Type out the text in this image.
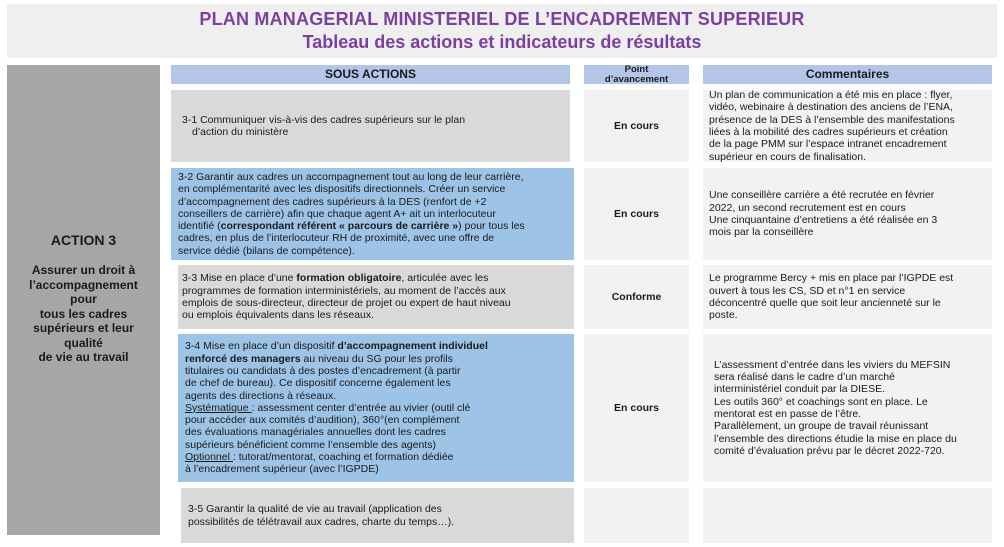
PLAN MANAGERIAL MINISTERIEL DE L’ENCADREMENT SUPERIEUR
Tableau des actions et indicateurs de résultats
ACTION 3
Assurer un droit à
l’accompagnement
pour
tous les cadres
supérieurs et leur
qualité
de vie au travail
SOUS ACTIONS	Point
d’avancement	Commentaires
3-1 Communiquer vis-à-vis des cadres supérieurs sur le plan
d’action du ministère
En cours
Un plan de communication a été mis en place : flyer,
vidéo, webinaire à destination des anciens de l’ENA,
présence de la DES à l’ensemble des manifestations
liées à la mobilité des cadres supérieurs et création
de la page PMM sur l’espace intranet encadrement
supérieur en cours de finalisation.
3-2 Garantir aux cadres un accompagnement tout au long de leur carrière,
en complémentarité avec les dispositifs directionnels. Créer un service
d’accompagnement des cadres supérieurs à la DES (renfort de +2
conseillers de carrière) afin que chaque agent A+ ait un interlocuteur
identifié (correspondant référent « parcours de carrière ») pour tous les
cadres, en plus de l’interlocuteur RH de proximité, avec une offre de
service dédié (bilans de compétence).
En cours
Une conseillère carrière a été recrutée en février
2022, un second recrutement est en cours
Une cinquantaine d’entretiens a été réalisée en 3
mois par la conseillère
3-3 Mise en place d’une formation obligatoire, articulée avec les
programmes de formation interministériels, au moment de l’accès aux
emplois de sous-directeur, directeur de projet ou expert de haut niveau
ou emplois équivalents dans les réseaux.
Conforme
Le programme Bercy + mis en place par l’IGPDE est
ouvert à tous les CS, SD et n°1 en service
déconcentré quelle que soit leur ancienneté sur le
poste.
3-4 Mise en place d’un dispositif d’accompagnement individuel
renforcé des managers au niveau du SG pour les profils
titulaires ou candidats à des postes d’encadrement (à partir
de chef de bureau). Ce dispositif concerne également les
agents des directions à réseaux.
Systématique : assessment center d’entrée au vivier (outil clé
pour accéder aux comités d’audition), 360°(en complément
des évaluations managériales annuelles dont les cadres
supérieurs bénéficient comme l’ensemble des agents)
Optionnel : tutorat/mentorat, coaching et formation dédiée
à l’encadrement supérieur (avec l’IGPDE)
En cours
L’assessment d’entrée dans les viviers du MEFSIN
sera réalisé dans le cadre d’un marché
interministériel conduit par la DIESE.
Les outils 360° et coachings sont en place. Le
mentorat est en passe de l’être.
Parallèlement, un groupe de travail réunissant
l’ensemble des directions étudie la mise en place du
comité d’évaluation prévu par le décret 2022-720.
3-5 Garantir la qualité de vie au travail (application des
possibilités de télétravail aux cadres, charte du temps…).
